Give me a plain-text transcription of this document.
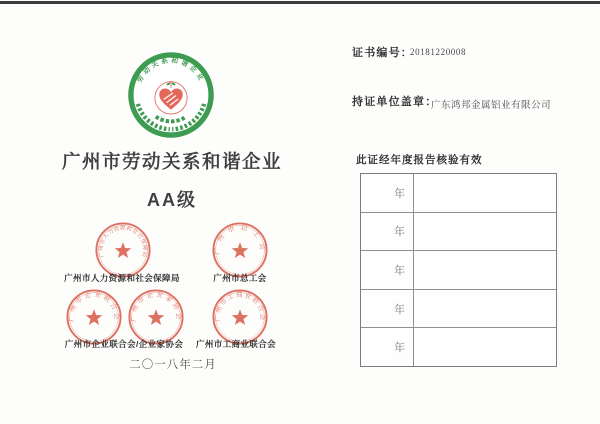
劳动关系和谐企业
广州市劳动关系和谐企业
AA级
广州市人力资源和社会保障局	广州市总工会
广州市企业联合会 广州市企业家协会	广州市工商业联合会
广州市人力资源和社会保障局	广州市总工会
广州市企业联合会/企业家协会	广州市工商业联合会
二〇一八年二月
证书编号：
20181220008
持证单位盖章：
广东鸿邦金属铝业有限公司
此证经年度报告核验有效
年
年
年
年
年
